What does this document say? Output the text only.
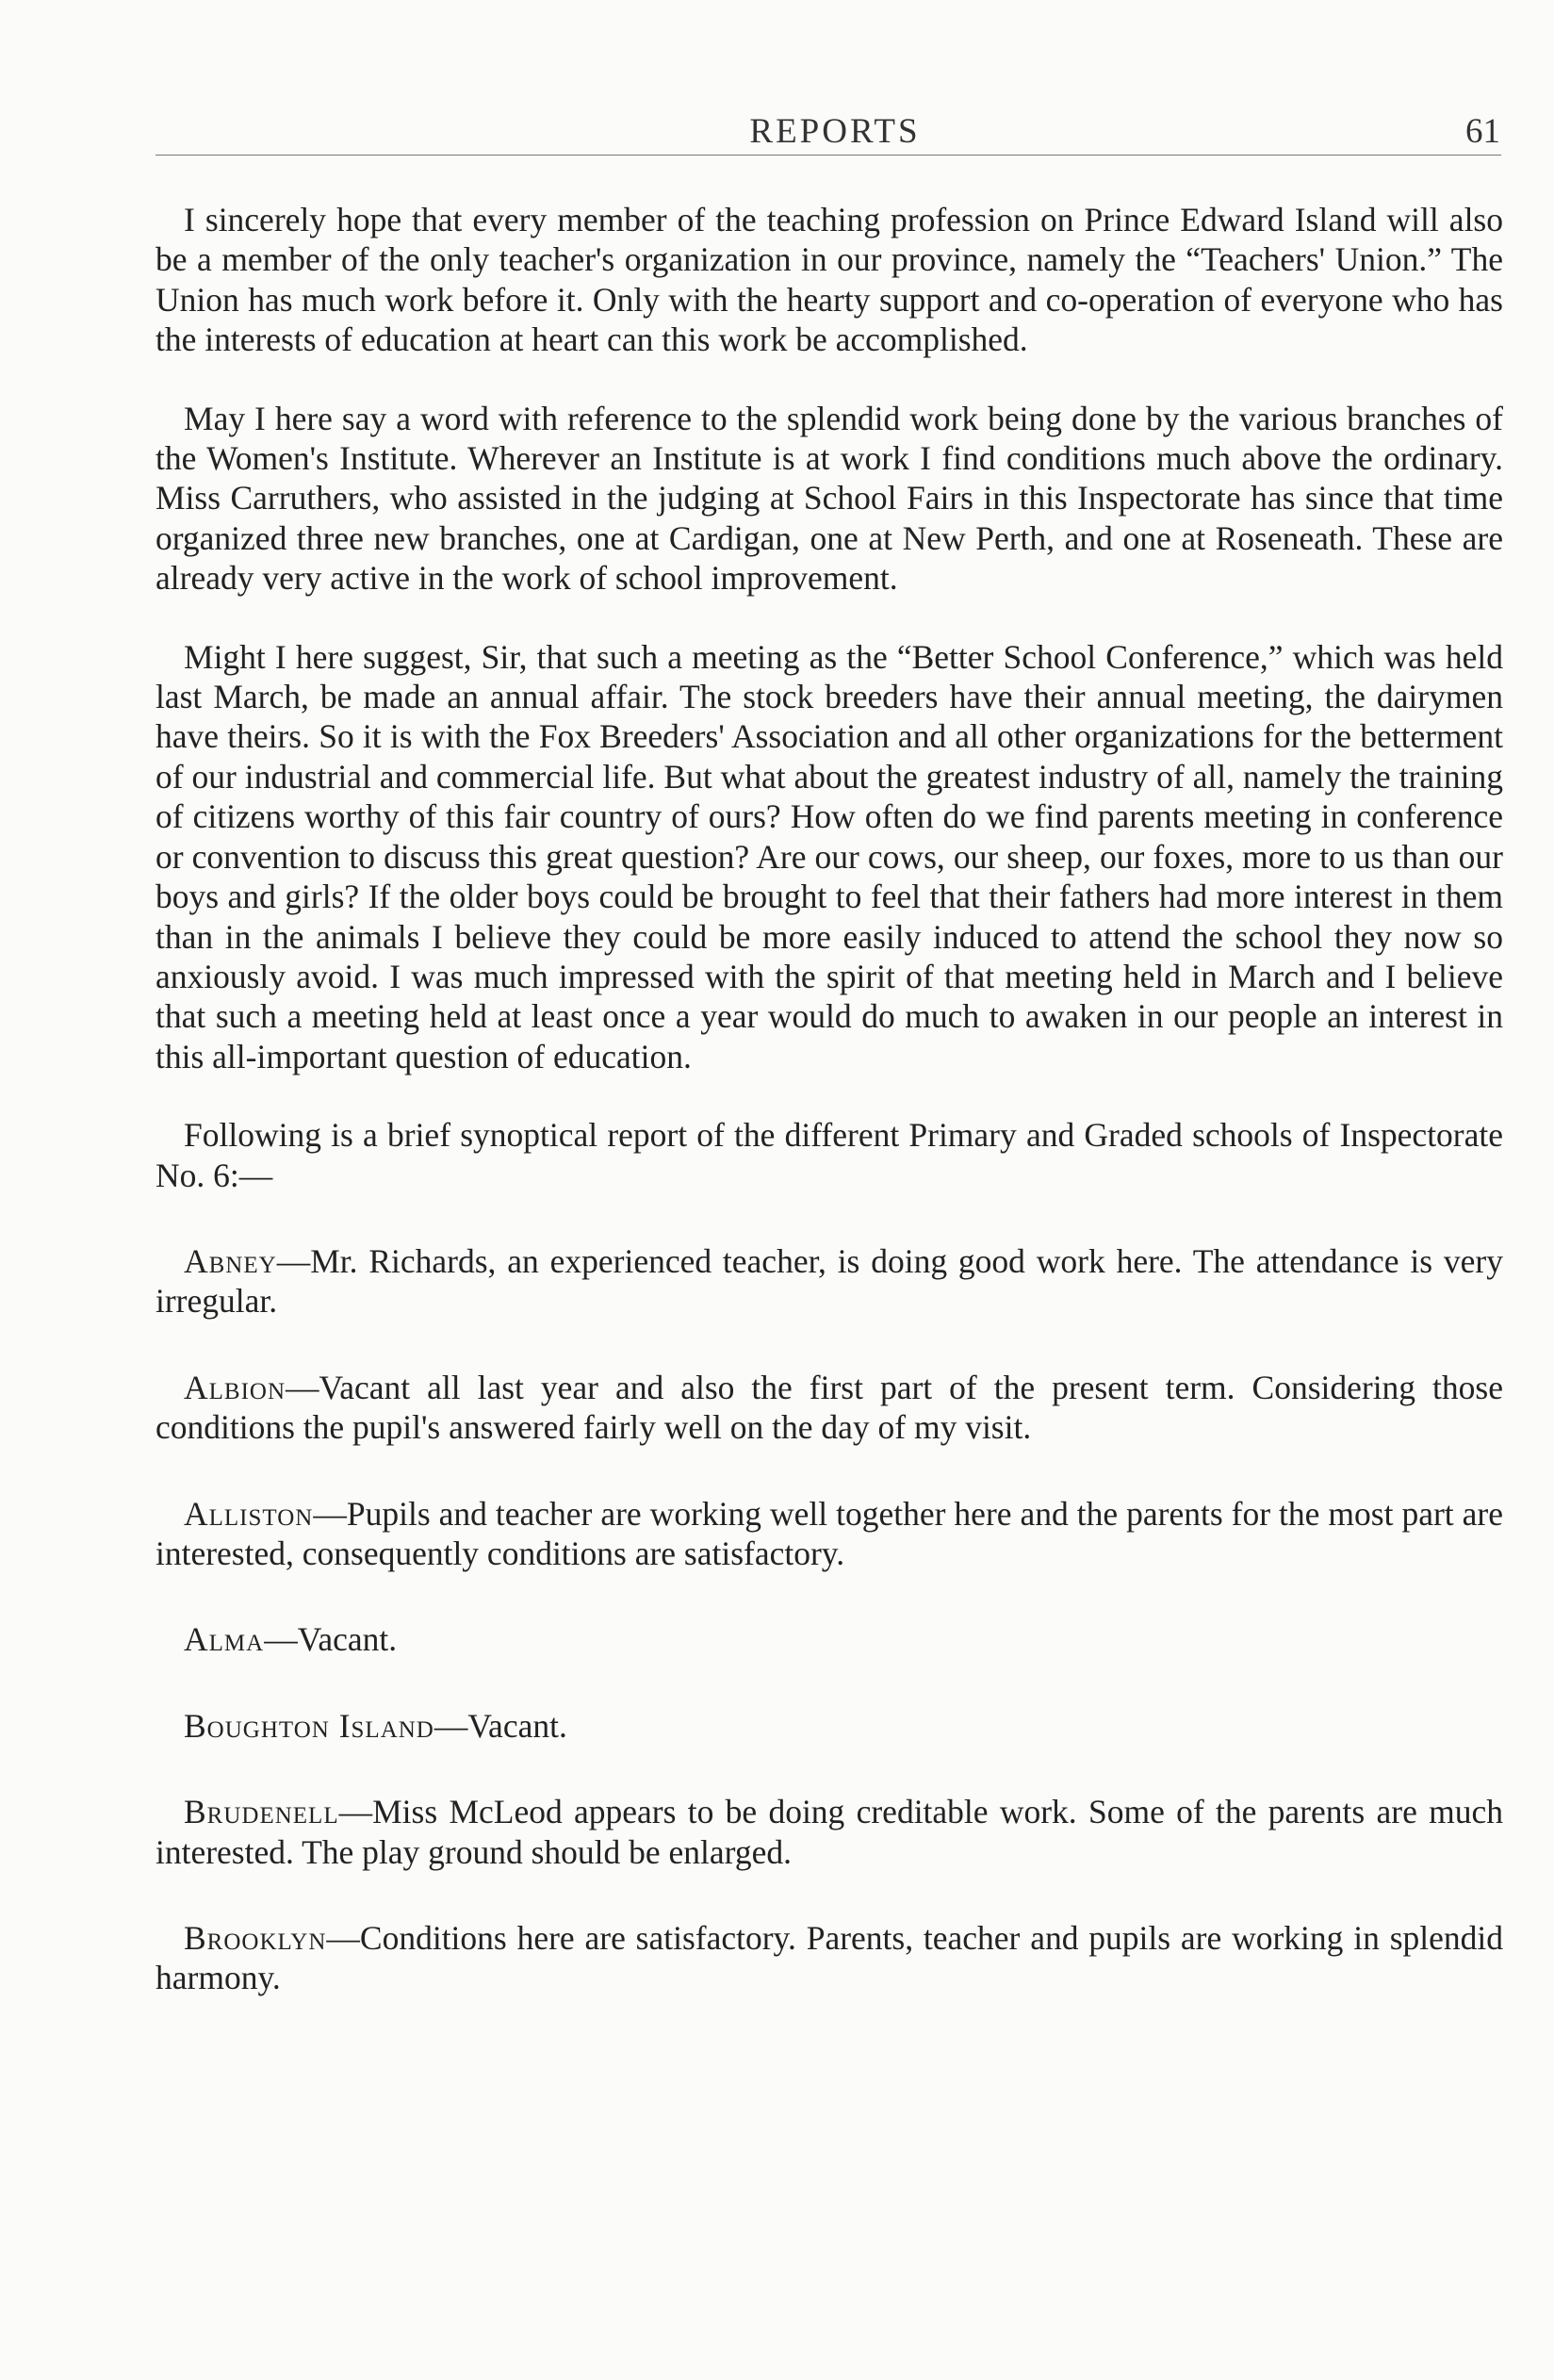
REPORTS	61

I sincerely hope that every member of the teaching profession on Prince Edward Island will also be a member of the only teacher's organization in our province, namely the “Teachers' Union.” The Union has much work before it. Only with the hearty support and co-operation of everyone who has the interests of education at heart can this work be accomplished.

May I here say a word with reference to the splendid work being done by the various branches of the Women's Institute. Wherever an Institute is at work I find conditions much above the ordinary. Miss Carruthers, who assisted in the judging at School Fairs in this Inspectorate has since that time organized three new branches, one at Cardigan, one at New Perth, and one at Roseneath. These are already very active in the work of school improvement.

Might I here suggest, Sir, that such a meeting as the “Better School Conference,” which was held last March, be made an annual affair. The stock breeders have their annual meeting, the dairymen have theirs. So it is with the Fox Breeders' Association and all other organizations for the betterment of our industrial and commercial life. But what about the greatest industry of all, namely the training of citizens worthy of this fair country of ours? How often do we find parents meeting in conference or convention to discuss this great question? Are our cows, our sheep, our foxes, more to us than our boys and girls? If the older boys could be brought to feel that their fathers had more interest in them than in the animals I believe they could be more easily induced to attend the school they now so anxiously avoid. I was much impressed with the spirit of that meeting held in March and I believe that such a meeting held at least once a year would do much to awaken in our people an interest in this all-important question of education.

Following is a brief synoptical report of the different Primary and Graded schools of Inspectorate No. 6:—

Abney—Mr. Richards, an experienced teacher, is doing good work here. The attendance is very irregular.

Albion—Vacant all last year and also the first part of the present term. Considering those conditions the pupil's answered fairly well on the day of my visit.

Alliston—Pupils and teacher are working well together here and the parents for the most part are interested, consequently conditions are satisfactory.

Alma—Vacant.

Boughton Island—Vacant.

Brudenell—Miss McLeod appears to be doing creditable work. Some of the parents are much interested. The play ground should be enlarged.

Brooklyn—Conditions here are satisfactory. Parents, teacher and pupils are working in splendid harmony.
